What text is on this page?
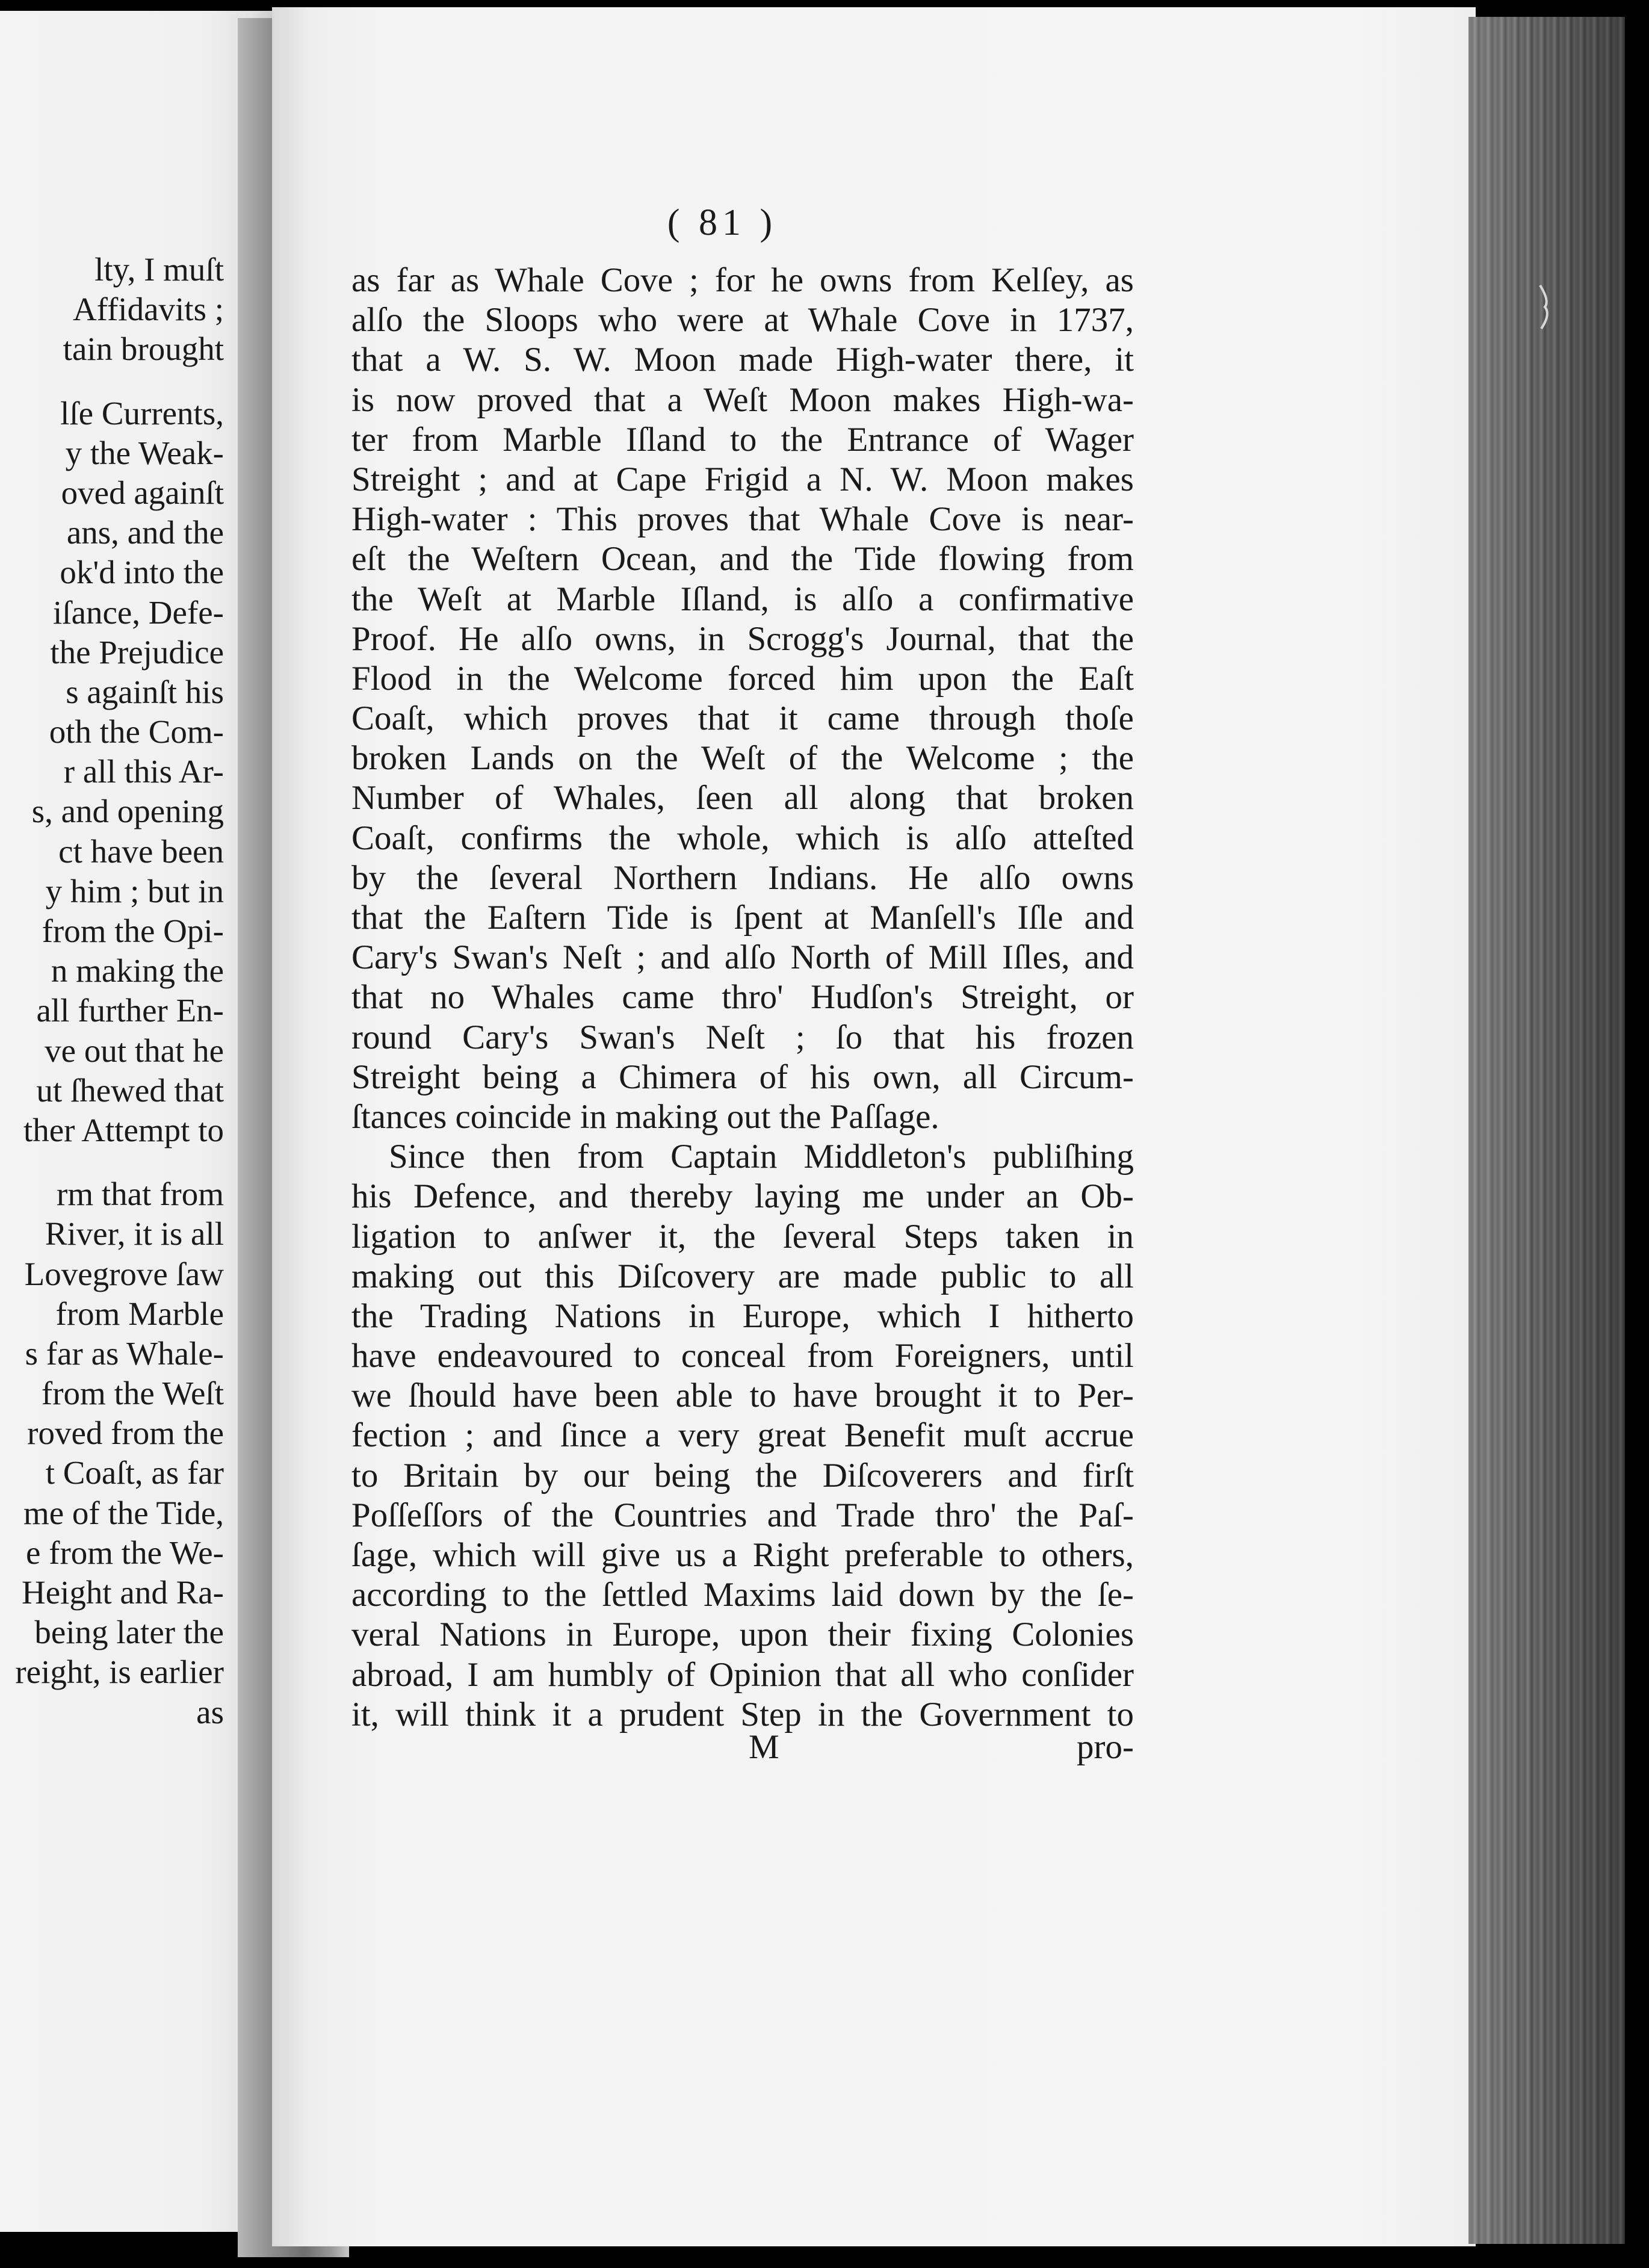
lty, I muſt
Affidavits ;
tain brought
lſe Currents,
y the Weak-
oved againſt
ans, and the
ok'd into the
iſance, Defe-
the Prejudice
s againſt his
oth the Com-
r all this Ar-
s, and opening
ct have been
y him ; but in
from the Opi-
n making the
all further En-
ve out that he
ut ſhewed that
ther Attempt to
rm that from
River, it is all
Lovegrove ſaw
from Marble
s far as Whale-
from the Weſt
roved from the
t Coaſt, as far
me of the Tide,
e from the We-
Height and Ra-
being later the
reight, is earlier
as
( 81 )
as far as Whale Cove ; for he owns from Kelſey, as
alſo the Sloops who were at Whale Cove in 1737,
that a W. S. W. Moon made High-water there, it
is now proved that a Weſt Moon makes High-wa-
ter from Marble Iſland to the Entrance of Wager
Streight ; and at Cape Frigid a N. W. Moon makes
High-water : This proves that Whale Cove is near-
eſt the Weſtern Ocean, and the Tide flowing from
the Weſt at Marble Iſland, is alſo a confirmative
Proof. He alſo owns, in Scrogg's Journal, that the
Flood in the Welcome forced him upon the Eaſt
Coaſt, which proves that it came through thoſe
broken Lands on the Weſt of the Welcome ; the
Number of Whales, ſeen all along that broken
Coaſt, confirms the whole, which is alſo atteſted
by the ſeveral Northern Indians. He alſo owns
that the Eaſtern Tide is ſpent at Manſell's Iſle and
Cary's Swan's Neſt ; and alſo North of Mill Iſles, and
that no Whales came thro' Hudſon's Streight, or
round Cary's Swan's Neſt ; ſo that his frozen
Streight being a Chimera of his own, all Circum-
ſtances coincide in making out the Paſſage.
Since then from Captain Middleton's publiſhing
his Defence, and thereby laying me under an Ob-
ligation to anſwer it, the ſeveral Steps taken in
making out this Diſcovery are made public to all
the Trading Nations in Europe, which I hitherto
have endeavoured to conceal from Foreigners, until
we ſhould have been able to have brought it to Per-
fection ; and ſince a very great Benefit muſt accrue
to Britain by our being the Diſcoverers and firſt
Poſſeſſors of the Countries and Trade thro' the Paſ-
ſage, which will give us a Right preferable to others,
according to the ſettled Maxims laid down by the ſe-
veral Nations in Europe, upon their fixing Colonies
abroad, I am humbly of Opinion that all who conſider
it, will think it a prudent Step in the Government to
M	pro-
